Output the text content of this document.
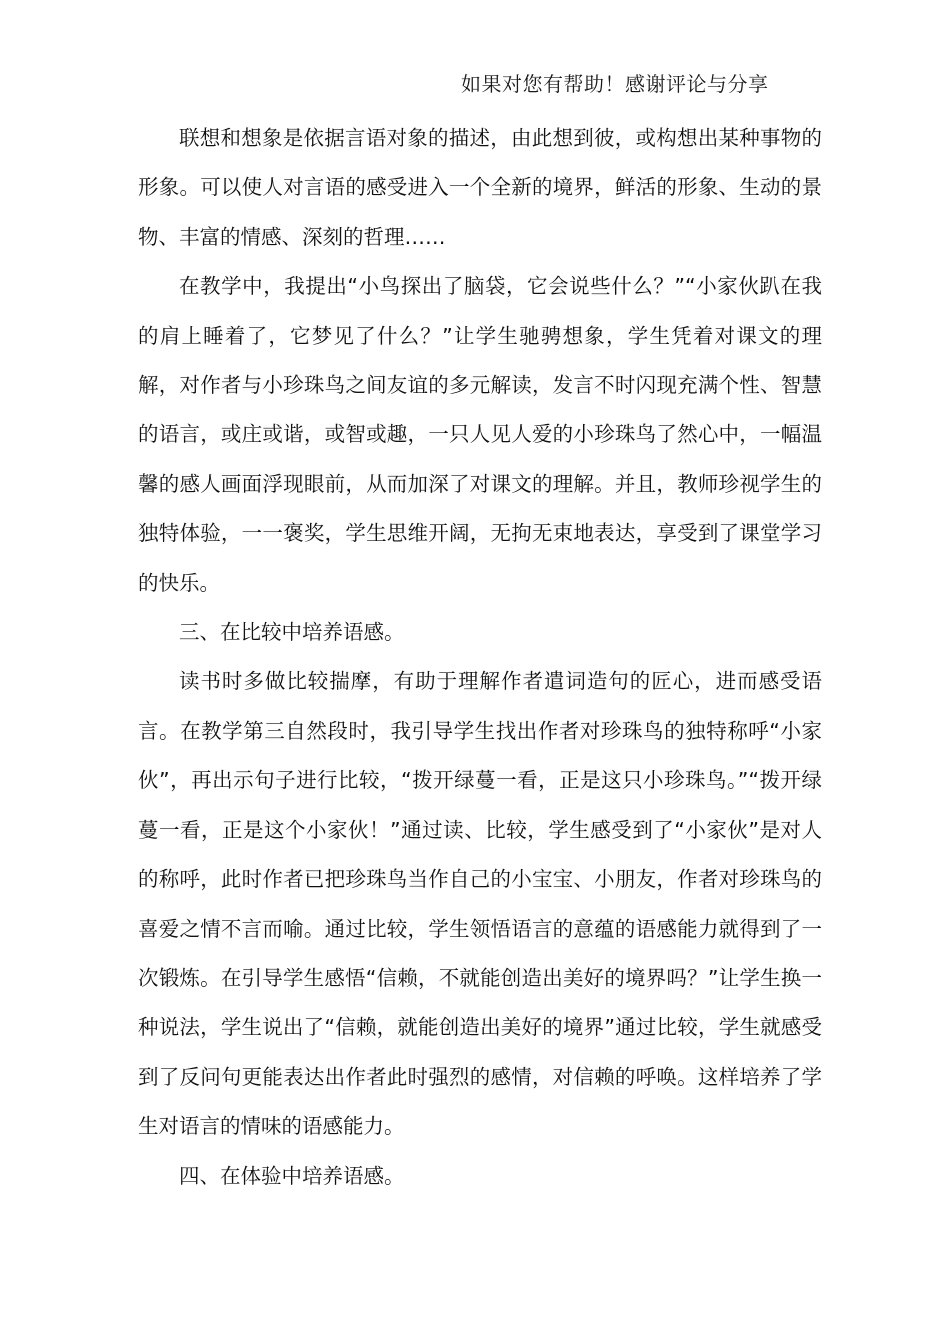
如果对您有帮助！感谢评论与分享

联想和想象是依据言语对象的描述，由此想到彼，或构想出某种事物的形象。可以使人对言语的感受进入一个全新的境界，鲜活的形象、生动的景物、丰富的情感、深刻的哲理……

在教学中，我提出“小鸟探出了脑袋，它会说些什么？”“小家伙趴在我的肩上睡着了，它梦见了什么？”让学生驰骋想象，学生凭着对课文的理解，对作者与小珍珠鸟之间友谊的多元解读，发言不时闪现充满个性、智慧的语言，或庄或谐，或智或趣，一只人见人爱的小珍珠鸟了然心中，一幅温馨的感人画面浮现眼前，从而加深了对课文的理解。并且，教师珍视学生的独特体验，一一褒奖，学生思维开阔，无拘无束地表达，享受到了课堂学习的快乐。

三、在比较中培养语感。

读书时多做比较揣摩，有助于理解作者遣词造句的匠心，进而感受语言。在教学第三自然段时，我引导学生找出作者对珍珠鸟的独特称呼“小家伙”，再出示句子进行比较，“拨开绿蔓一看，正是这只小珍珠鸟。”“拨开绿蔓一看，正是这个小家伙！”通过读、比较，学生感受到了“小家伙”是对人的称呼，此时作者已把珍珠鸟当作自己的小宝宝、小朋友，作者对珍珠鸟的喜爱之情不言而喻。通过比较，学生领悟语言的意蕴的语感能力就得到了一次锻炼。在引导学生感悟“信赖，不就能创造出美好的境界吗？”让学生换一种说法，学生说出了“信赖，就能创造出美好的境界”通过比较，学生就感受到了反问句更能表达出作者此时强烈的感情，对信赖的呼唤。这样培养了学生对语言的情味的语感能力。

四、在体验中培养语感。
